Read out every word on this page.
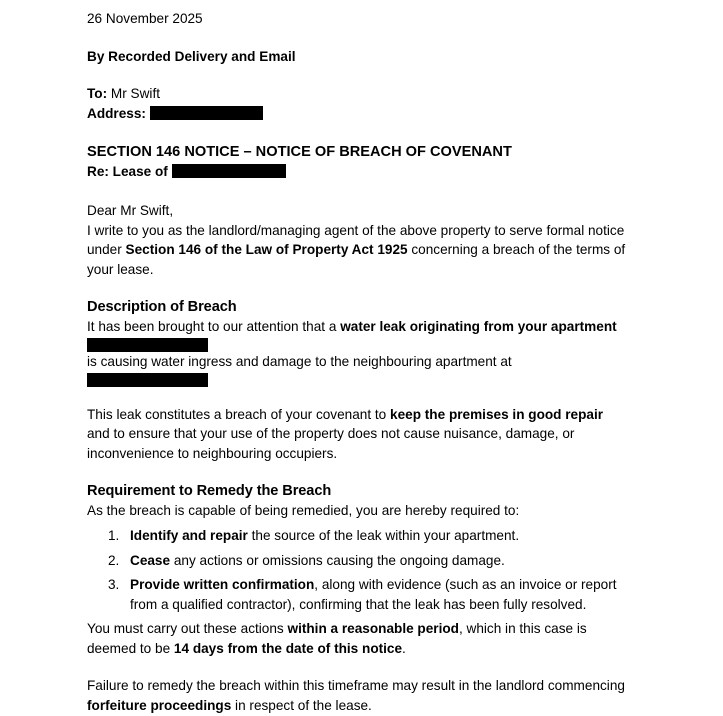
26 November 2025
By Recorded Delivery and Email
To: Mr Swift
Address:
SECTION 146 NOTICE – NOTICE OF BREACH OF COVENANT
Re: Lease of
Dear Mr Swift,

I write to you as the landlord/managing agent of the above property to serve formal notice under Section 146 of the Law of Property Act 1925 concerning a breach of the terms of your lease.

Description of Breach

It has been brought to our attention that a water leak originating from your apartment
is causing water ingress and damage to the neighbouring apartment at

This leak constitutes a breach of your covenant to keep the premises in good repair and to ensure that your use of the property does not cause nuisance, damage, or inconvenience to neighbouring occupiers.

Requirement to Remedy the Breach

As the breach is capable of being remedied, you are hereby required to:

1. Identify and repair the source of the leak within your apartment.
2. Cease any actions or omissions causing the ongoing damage.
3. Provide written confirmation, along with evidence (such as an invoice or report from a qualified contractor), confirming that the leak has been fully resolved.

You must carry out these actions within a reasonable period, which in this case is deemed to be 14 days from the date of this notice.

Failure to remedy the breach within this timeframe may result in the landlord commencing forfeiture proceedings in respect of the lease.
